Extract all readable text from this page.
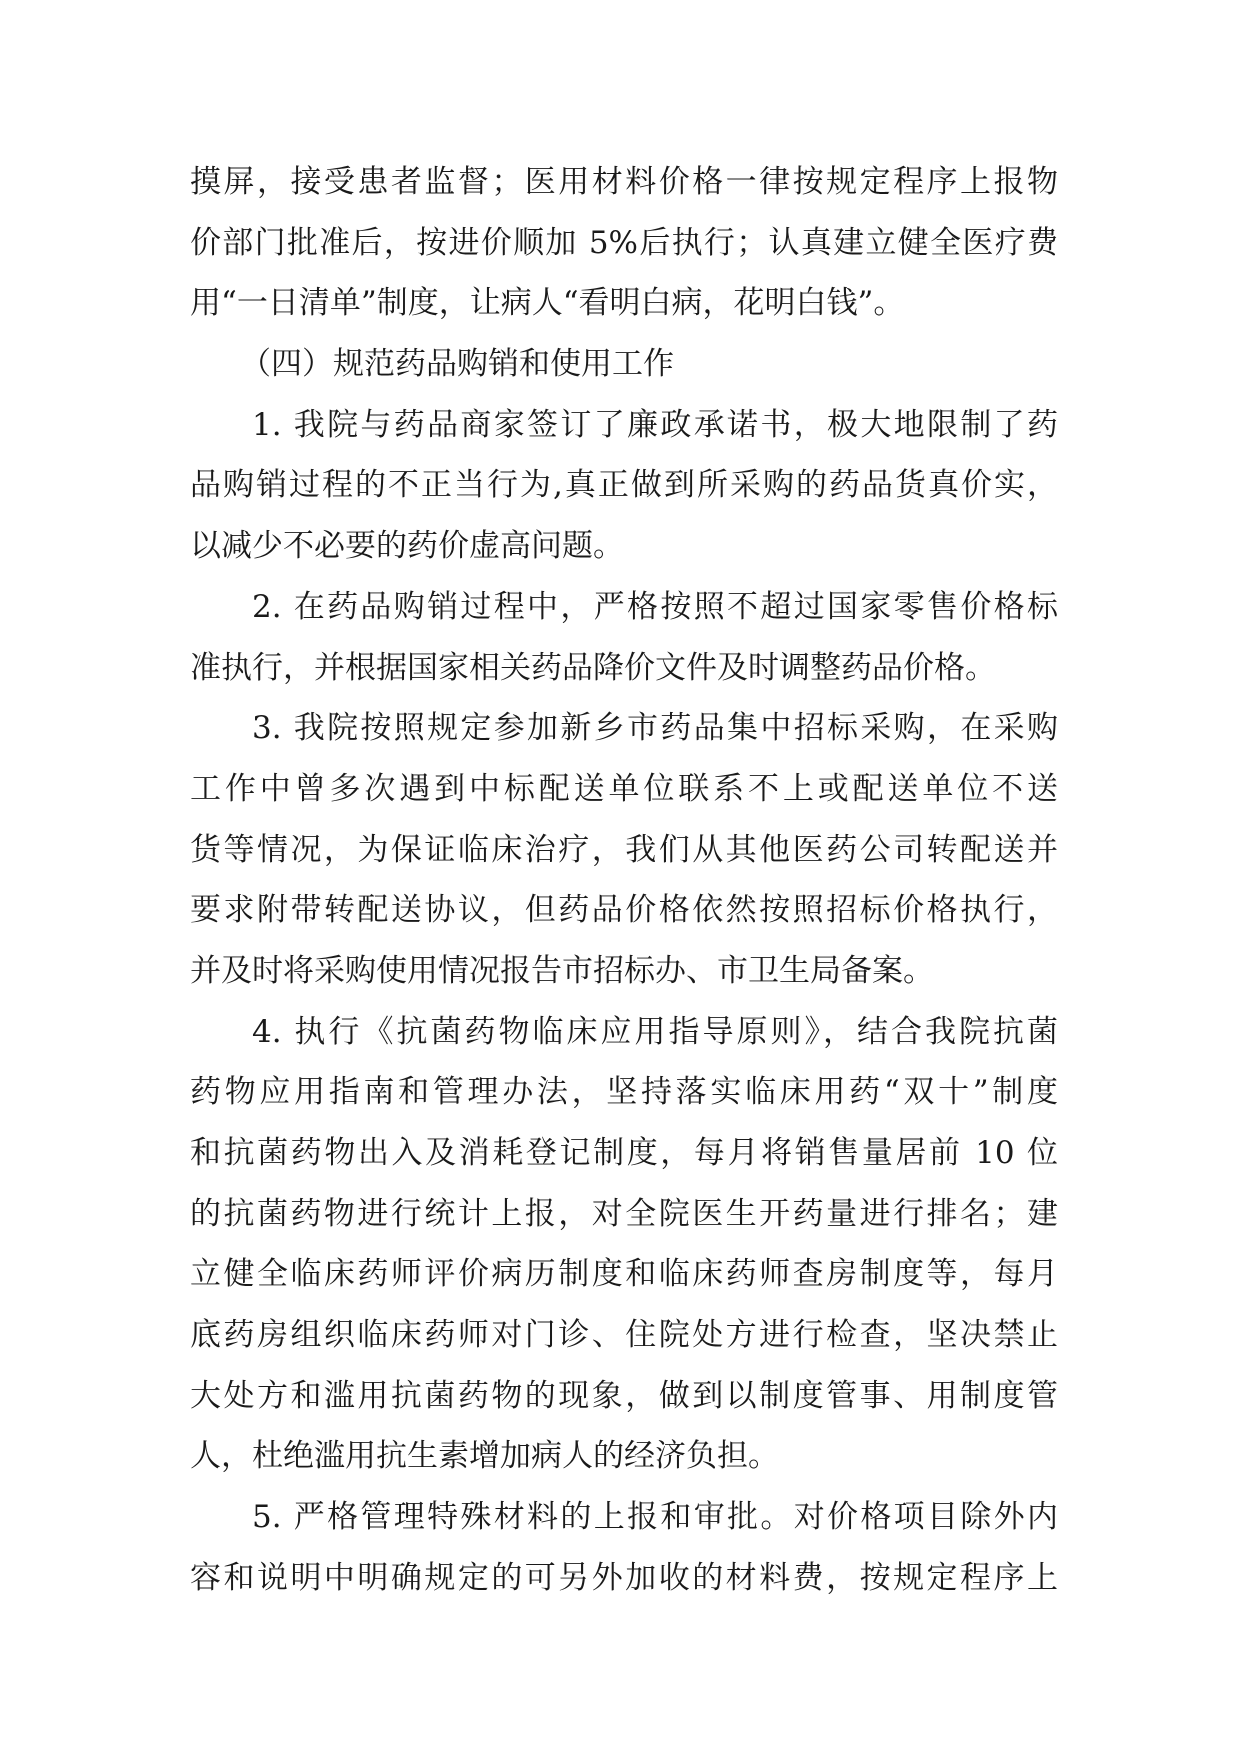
摸屏，接受患者监督；医用材料价格一律按规定程序上报物
价部门批准后，按进价顺加 5%后执行；认真建立健全医疗费
用“一日清单”制度，让病人“看明白病，花明白钱”。
（四）规范药品购销和使用工作
1. 我院与药品商家签订了廉政承诺书，极大地限制了药
品购销过程的不正当行为,真正做到所采购的药品货真价实，
以减少不必要的药价虚高问题。
2. 在药品购销过程中，严格按照不超过国家零售价格标
准执行，并根据国家相关药品降价文件及时调整药品价格。
3. 我院按照规定参加新乡市药品集中招标采购，在采购
工作中曾多次遇到中标配送单位联系不上或配送单位不送
货等情况，为保证临床治疗，我们从其他医药公司转配送并
要求附带转配送协议，但药品价格依然按照招标价格执行，
并及时将采购使用情况报告市招标办、市卫生局备案。
4. 执行《抗菌药物临床应用指导原则》，结合我院抗菌
药物应用指南和管理办法，坚持落实临床用药“双十”制度
和抗菌药物出入及消耗登记制度，每月将销售量居前 10 位
的抗菌药物进行统计上报，对全院医生开药量进行排名；建
立健全临床药师评价病历制度和临床药师查房制度等，每月
底药房组织临床药师对门诊、住院处方进行检查，坚决禁止
大处方和滥用抗菌药物的现象，做到以制度管事、用制度管
人，杜绝滥用抗生素增加病人的经济负担。
5. 严格管理特殊材料的上报和审批。对价格项目除外内
容和说明中明确规定的可另外加收的材料费，按规定程序上
